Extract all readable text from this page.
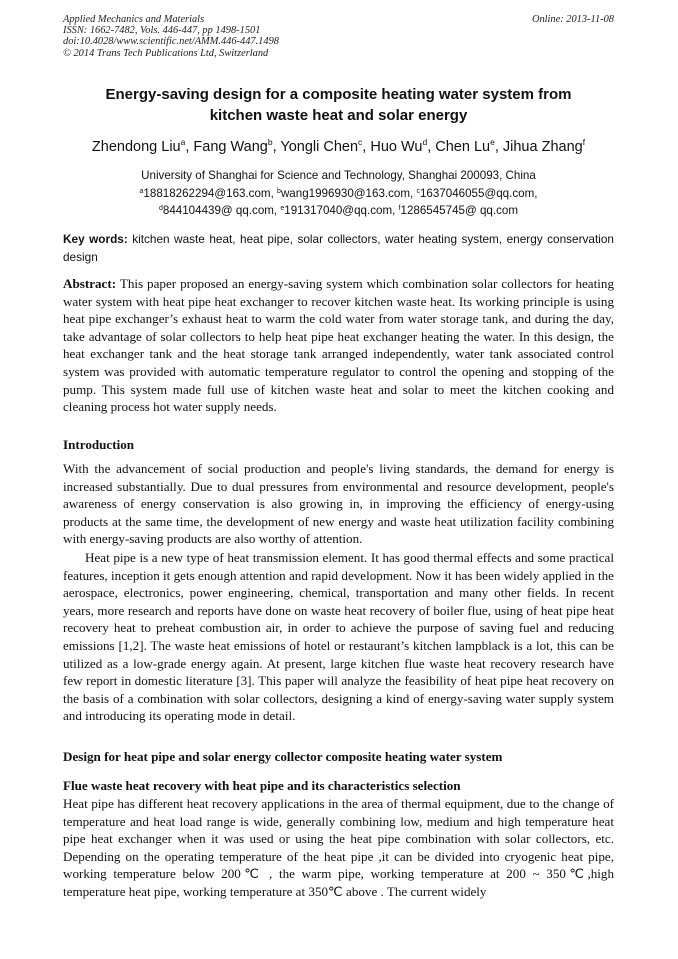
Applied Mechanics and Materials
ISSN: 1662-7482, Vols. 446-447, pp 1498-1501
doi:10.4028/www.scientific.net/AMM.446-447.1498
© 2014 Trans Tech Publications Ltd, Switzerland
Online: 2013-11-08
Energy-saving design for a composite heating water system from
kitchen waste heat and solar energy
Zhendong Liu$^a$, Fang Wang$^b$, Yongli Chen$^c$, Huo Wu$^d$, Chen Lu$^e$, Jihua Zhang$^f$
University of Shanghai for Science and Technology, Shanghai 200093, China
$^a$18818262294@163.com, $^b$wang1996930@163.com, $^c$1637046055@qq.com,
$^d$844104439@ qq.com, $^e$191317040@qq.com, $^f$1286545745@ qq.com
Key words: kitchen waste heat, heat pipe, solar collectors, water heating system, energy conservation design
Abstract: This paper proposed an energy-saving system which combination solar collectors for heating water system with heat pipe heat exchanger to recover kitchen waste heat. Its working principle is using heat pipe exchanger’s exhaust heat to warm the cold water from water storage tank, and during the day, take advantage of solar collectors to help heat pipe heat exchanger heating the water. In this design, the heat exchanger tank and the heat storage tank arranged independently, water tank associated control system was provided with automatic temperature regulator to control the opening and stopping of the pump. This system made full use of kitchen waste heat and solar to meet the kitchen cooking and cleaning process hot water supply needs.
Introduction
With the advancement of social production and people's living standards, the demand for energy is increased substantially. Due to dual pressures from environmental and resource development, people's awareness of energy conservation is also growing in, in improving the efficiency of energy-using products at the same time, the development of new energy and waste heat utilization facility combining with energy-saving products are also worthy of attention.
Heat pipe is a new type of heat transmission element. It has good thermal effects and some practical features, inception it gets enough attention and rapid development. Now it has been widely applied in the aerospace, electronics, power engineering, chemical, transportation and many other fields. In recent years, more research and reports have done on waste heat recovery of boiler flue, using of heat pipe heat recovery heat to preheat combustion air, in order to achieve the purpose of saving fuel and reducing emissions [1,2]. The waste heat emissions of hotel or restaurant’s kitchen lampblack is a lot, this can be utilized as a low-grade energy again. At present, large kitchen flue waste heat recovery research have few report in domestic literature [3]. This paper will analyze the feasibility of heat pipe heat recovery on the basis of a combination with solar collectors, designing a kind of energy-saving water supply system and introducing its operating mode in detail.
Design for heat pipe and solar energy collector composite heating water system
Flue waste heat recovery with heat pipe and its characteristics selection
Heat pipe has different heat recovery applications in the area of thermal equipment, due to the change of temperature and heat load range is wide, generally combining low, medium and high temperature heat pipe heat exchanger when it was used or using the heat pipe combination with solar collectors, etc. Depending on the operating temperature of the heat pipe ,it can be divided into cryogenic heat pipe, working temperature below 200℃ , the warm pipe, working temperature at 200 ~ 350℃,high temperature heat pipe, working temperature at 350℃ above . The current widely
